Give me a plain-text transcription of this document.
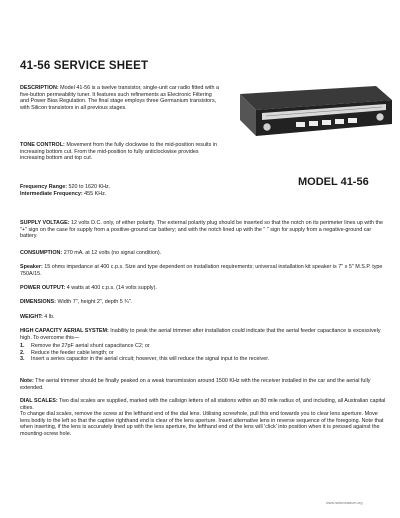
41-56 SERVICE SHEET
DESCRIPTION: Model 41-56 is a twelve transistor, single-unit car radio fitted with a five-button permeability tuner. It features such refinements as Electronic Filtering and Power Bias Regulation. The final stage employs three Germanium transistors, with Silicon transistors in all previous stages.
TONE CONTROL: Movement from the fully clockwise to the mid-position results in increasing bottom cut. From the mid-position to fully anticlockwise provides increasing bottom and top cut.
Frequency Range: 520 to 1620 KHz.
Intermediate Frequency: 455 KHz.
MODEL 41-56
SUPPLY VOLTAGE: 12 volts D.C. only, of either polarity. The external polarity plug should be inserted so that the notch on its perimeter lines up with the "+" sign on the case for supply from a positive-ground car battery; and with the notch lined up with the " " sign for supply from a negative-ground car battery.
CONSUMPTION: 270 mA. at 12 volts (no signal condition).
Speaker: 15 ohms impedance at 400 c.p.s. Size and type dependent on installation requirements; universal installation kit speaker is 7" x 5" M.S.P. type 750A/15.
POWER OUTPUT: 4 watts at 400 c.p.s. (14 volts supply).
DIMENSIONS: Width 7", height 2", depth 5 ¾".
WEIGHT: 4 lb.
HIGH CAPACITY AERIAL SYSTEM: Inability to peak the aerial trimmer after installation could indicate that the aerial feeder capacitance is excessively high. To overcome this—
1.	Remove the 27pF aerial shunt capacitance C2; or
2.	Reduce the feeder cable length; or
3.	Insert a series capacitor in the aerial circuit; however, this will reduce the signal input to the receiver.
Note: The aerial trimmer should be finally peaked on a weak transmission around 1500 KHz with the receiver installed in the car and the aerial fully extended.
DIAL SCALES: Two dial scales are supplied, marked with the callsign letters of all stations within an 80 mile radius of, and including, all Australian capital cities.
To change dial scales, remove the screw at the lefthand end of the dial lens. Utilising screwhole, pull this end towards you to clear lens aperture. Move lens bodily to the left so that the captive righthand end is clear of the lens aperture. Insert alternative lens in reverse sequence of the foregoing. Note that when inserting, if the lens is accurately lined up with the lens aperture, the lefthand end of the lens will 'click' into position when it is pressed against the mounting-screw hole.
www.radiomuseum.org
